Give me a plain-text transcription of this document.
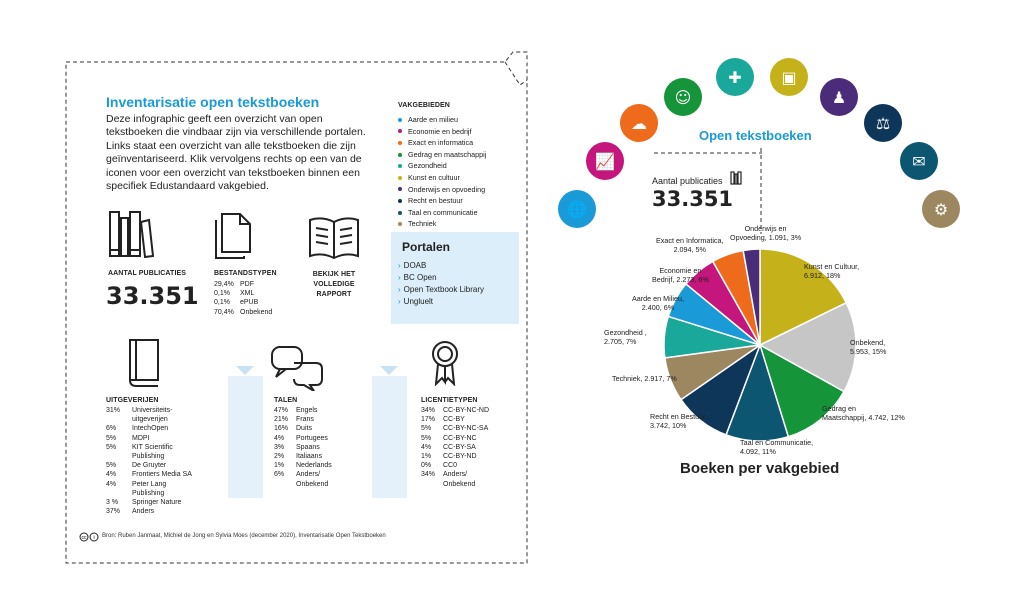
Inventarisatie open tekstboeken
Deze infographic geeft een overzicht van open tekstboeken die vindbaar zijn via verschillende portalen. Links staat een overzicht van alle tekstboeken die zijn geïnventariseerd. Klik vervolgens rechts op een van de iconen voor een overzicht van tekstboeken binnen een specifiek Edustandaard vakgebied.
VAKGEBIEDEN
Aarde en milieu
Economie en bedrijf
Exact en informatica
Gedrag en maatschappij
Gezondheid
Kunst en cultuur
Onderwijs en opvoeding
Recht en bestuur
Taal en communicatie
Techniek
AANTAL PUBLICATIES
33.351
BESTANDSTYPEN
29,4% PDF
0,1%	XML
0,1%	ePUB
70,4% Onbekend
BEKIJK HET
VOLLEDIGE
RAPPORT
Portalen
› DOAB
› BC Open
› Open Textbook Library
› Ungluelt
UITGEVERIJEN
31%	Universiteits-
uitgeverijen
6%	IntechOpen
5%	MDPI
5%	KIT Scientific
Publishing
5%	De Gruyter
4%	Frontiers Media SA
4%	Peter Lang
Publishing
3 %	Springer Nature
37%	Anders
TALEN
47%	Engels
21%	Frans
16%	Duits
4%	Portugees
3%	Spaans
2%	Italiaans
1%	Nederlands
6%	Anders/
Onbekend
LICENTIETYPEN
34%	CC-BY-NC-ND
17%	CC-BY
5%	CC-BY-NC-SA
5%	CC-BY-NC
4%	CC-BY-SA
1%	CC-BY-ND
0%	CC0
34%	Anders/
Onbekend
cc i Bron: Ruben Janmaat, Michiel de Jong en Sylvia Moes (december 2020), Inventarisatie Open Tekstboeken
🌐
📈
☁
☺
✚ ▣
♟
⚖
✉
⚙
Open tekstboeken
Aantal publicaties
33.351
Kunst en Cultuur,
6.912, 18%
Onbekend,
5.953, 15%
Gedrag en
Maatschappij, 4.742, 12%
Taal en Communicatie,
4.092, 11%
Recht en Bestuur,
3.742, 10%
Techniek, 2.917, 7%
Gezondheid ,
2.705, 7%
Aarde en Milieu,
2.400, 6%
Economie en
Bedrijf, 2.273, 6%
Exact en Informatica,
2.094, 5%
Onderwijs en
Opvoeding, 1.091, 3%
Boeken per vakgebied
